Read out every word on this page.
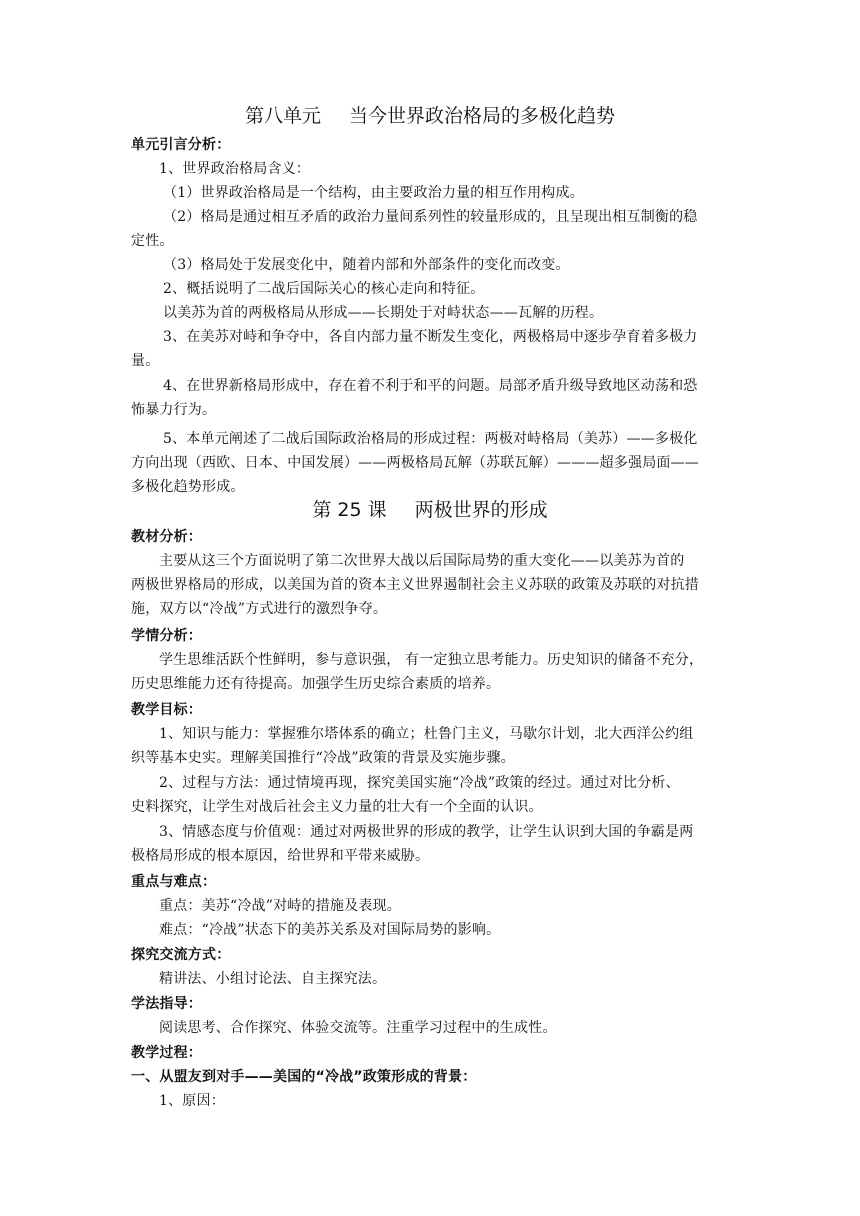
第八单元 当今世界政治格局的多极化趋势
单元引言分析：
1、世界政治格局含义：
（1）世界政治格局是一个结构，由主要政治力量的相互作用构成。
（2）格局是通过相互矛盾的政治力量间系列性的较量形成的，且呈现出相互制衡的稳
定性。
（3）格局处于发展变化中，随着内部和外部条件的变化而改变。
2、概括说明了二战后国际关心的核心走向和特征。
以美苏为首的两极格局从形成——长期处于对峙状态——瓦解的历程。
3、在美苏对峙和争夺中，各自内部力量不断发生变化，两极格局中逐步孕育着多极力
量。
4、在世界新格局形成中，存在着不利于和平的问题。局部矛盾升级导致地区动荡和恐
怖暴力行为。
5、本单元阐述了二战后国际政治格局的形成过程：两极对峙格局（美苏）——多极化
方向出现（西欧、日本、中国发展）——两极格局瓦解（苏联瓦解）———超多强局面——
多极化趋势形成。
第 25 课 两极世界的形成
教材分析：
主要从这三个方面说明了第二次世界大战以后国际局势的重大变化——以美苏为首的
两极世界格局的形成，以美国为首的资本主义世界遏制社会主义苏联的政策及苏联的对抗措
施，双方以“冷战”方式进行的激烈争夺。
学情分析：
学生思维活跃个性鲜明，参与意识强， 有一定独立思考能力。历史知识的储备不充分，
历史思维能力还有待提高。加强学生历史综合素质的培养。
教学目标：
1、知识与能力：掌握雅尔塔体系的确立；杜鲁门主义，马歇尔计划，北大西洋公约组
织等基本史实。理解美国推行“冷战”政策的背景及实施步骤。
2、过程与方法：通过情境再现，探究美国实施“冷战”政策的经过。通过对比分析、
史料探究，让学生对战后社会主义力量的壮大有一个全面的认识。
3、情感态度与价值观：通过对两极世界的形成的教学，让学生认识到大国的争霸是两
极格局形成的根本原因，给世界和平带来威胁。
重点与难点：
重点：美苏“冷战”对峙的措施及表现。
难点：“冷战”状态下的美苏关系及对国际局势的影响。
探究交流方式：
精讲法、小组讨论法、自主探究法。
学法指导：
阅读思考、合作探究、体验交流等。注重学习过程中的生成性。
教学过程：
一、从盟友到对手——美国的“冷战”政策形成的背景：
1、原因：
